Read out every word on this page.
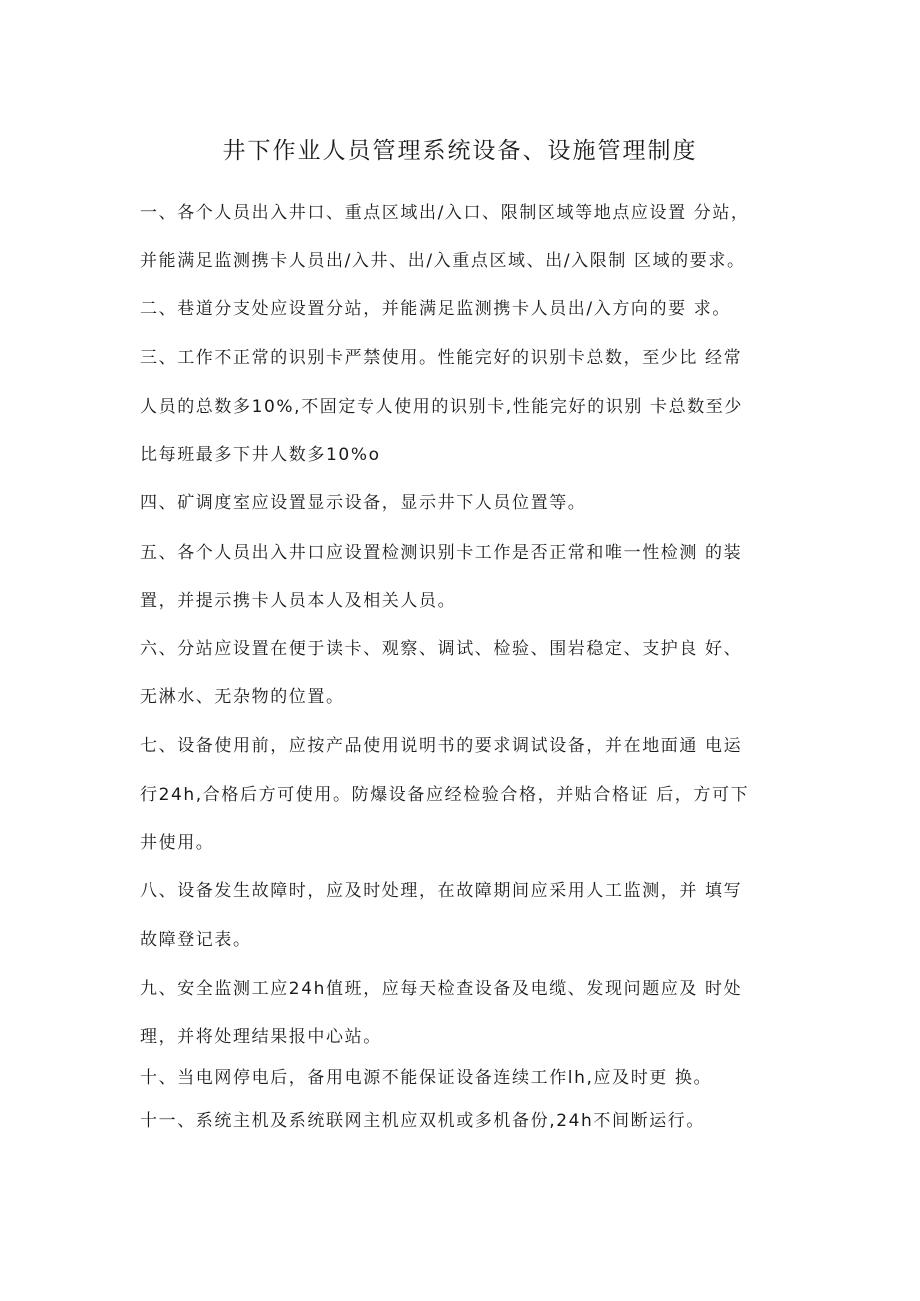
井下作业人员管理系统设备、设施管理制度
一、各个人员出入井口、重点区域出/入口、限制区域等地点应设置 分站，
并能满足监测携卡人员出/入井、出/入重点区域、出/入限制 区域的要求。
二、巷道分支处应设置分站，并能满足监测携卡人员出/入方向的要 求。
三、工作不正常的识别卡严禁使用。性能完好的识别卡总数，至少比 经常
人员的总数多10%,不固定专人使用的识别卡,性能完好的识别 卡总数至少
比每班最多下井人数多10%o
四、矿调度室应设置显示设备，显示井下人员位置等。
五、各个人员出入井口应设置检测识别卡工作是否正常和唯一性检测 的装
置，并提示携卡人员本人及相关人员。
六、分站应设置在便于读卡、观察、调试、检验、围岩稳定、支护良 好、
无淋水、无杂物的位置。
七、设备使用前，应按产品使用说明书的要求调试设备，并在地面通 电运
行24h,合格后方可使用。防爆设备应经检验合格，并贴合格证 后，方可下
井使用。
八、设备发生故障时，应及时处理，在故障期间应采用人工监测，并 填写
故障登记表。
九、安全监测工应24h值班，应每天检查设备及电缆、发现问题应及 时处
理，并将处理结果报中心站。
十、当电网停电后，备用电源不能保证设备连续工作lh,应及时更 换。
十一、系统主机及系统联网主机应双机或多机备份,24h不间断运行。
